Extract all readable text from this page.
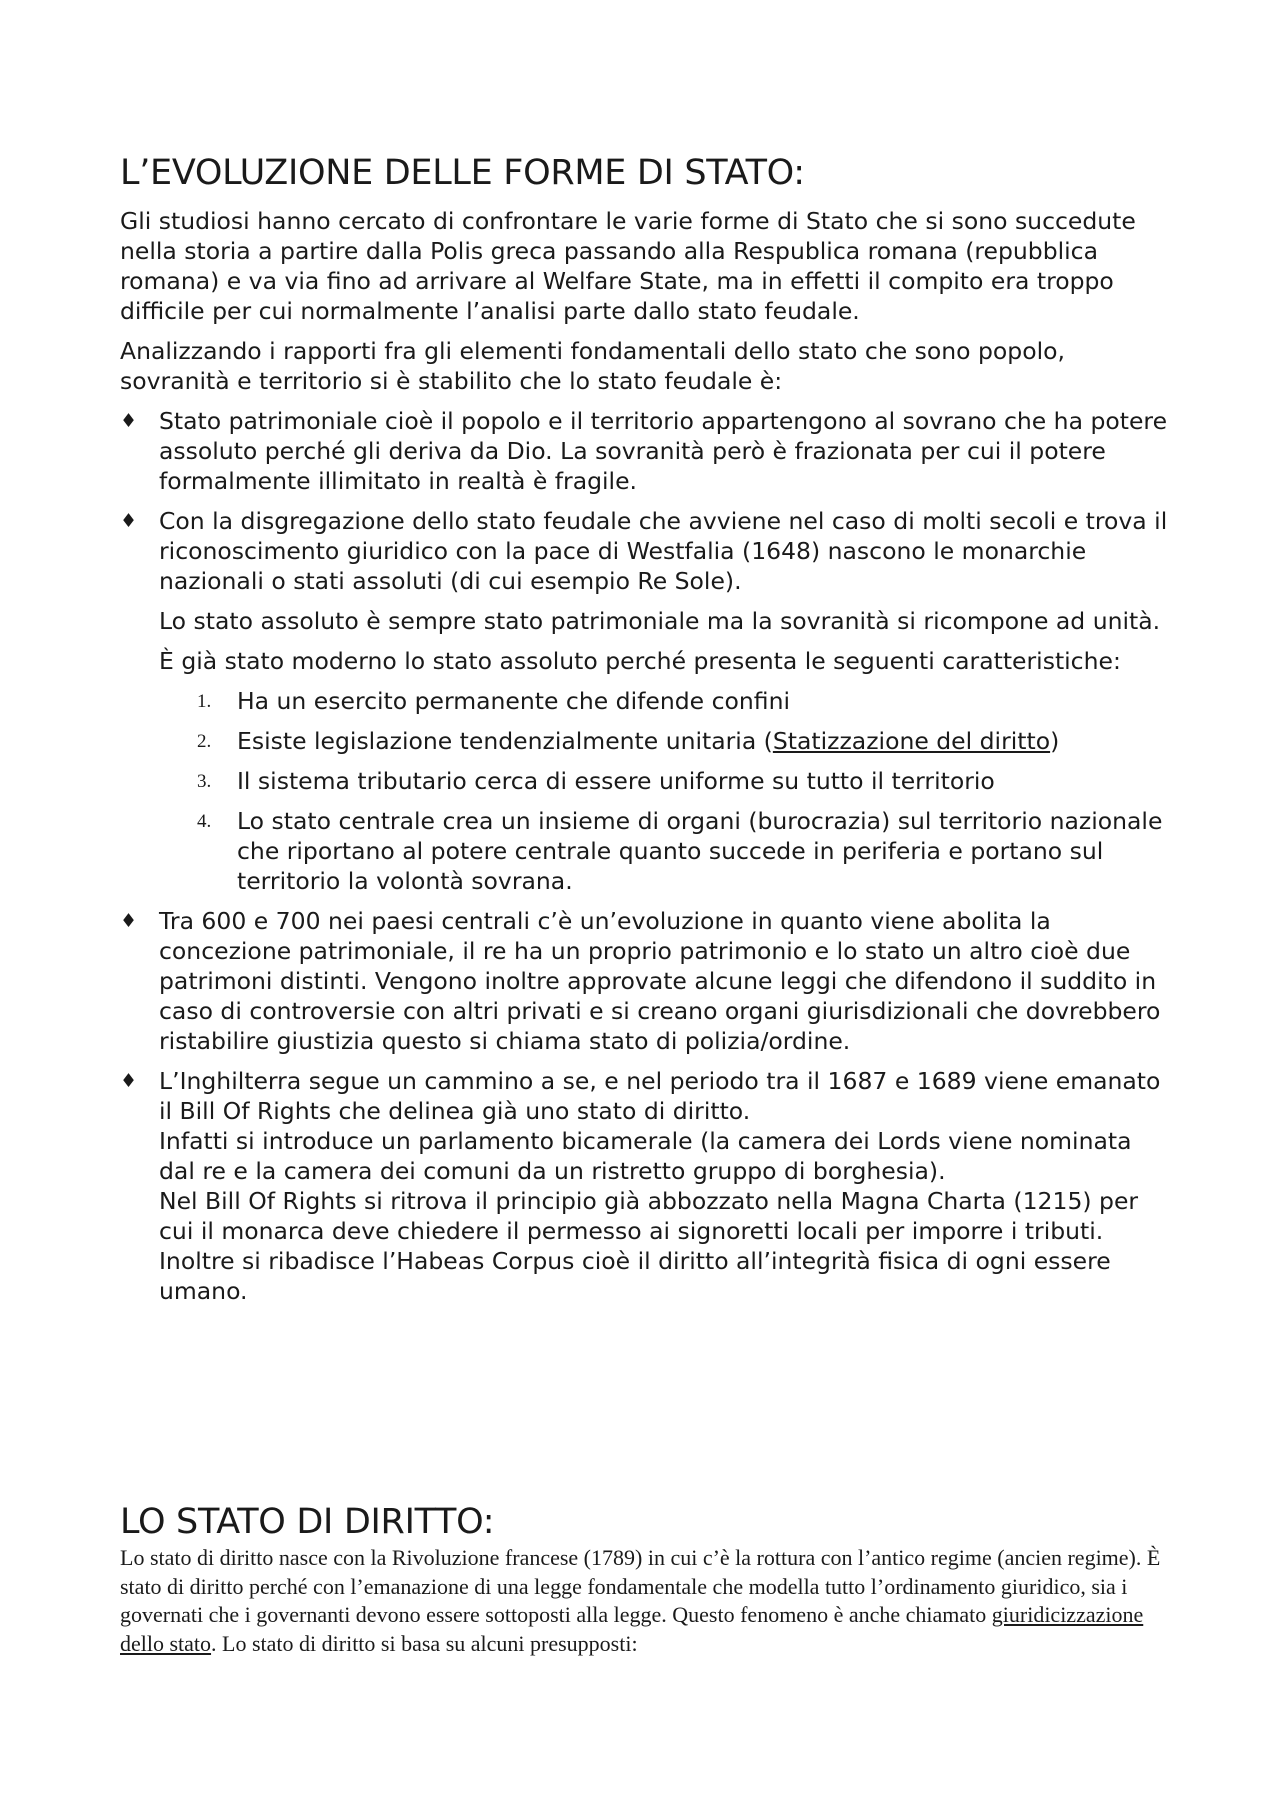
L’EVOLUZIONE DELLE FORME DI STATO:

Gli studiosi hanno cercato di confrontare le varie forme di Stato che si sono succedute nella storia a partire dalla Polis greca passando alla Respublica romana (repubblica romana) e va via fino ad arrivare al Welfare State, ma in effetti il compito era troppo difficile per cui normalmente l’analisi parte dallo stato feudale.

Analizzando i rapporti fra gli elementi fondamentali dello stato che sono popolo, sovranità e territorio si è stabilito che lo stato feudale è:

♦ Stato patrimoniale cioè il popolo e il territorio appartengono al sovrano che ha potere assoluto perché gli deriva da Dio. La sovranità però è frazionata per cui il potere formalmente illimitato in realtà è fragile.
♦ Con la disgregazione dello stato feudale che avviene nel caso di molti secoli e trova il riconoscimento giuridico con la pace di Westfalia (1648) nascono le monarchie nazionali o stati assoluti (di cui esempio Re Sole).
Lo stato assoluto è sempre stato patrimoniale ma la sovranità si ricompone ad unità.
È già stato moderno lo stato assoluto perché presenta le seguenti caratteristiche:
1. Ha un esercito permanente che difende confini
2. Esiste legislazione tendenzialmente unitaria (Statizzazione del diritto)
3. Il sistema tributario cerca di essere uniforme su tutto il territorio
4. Lo stato centrale crea un insieme di organi (burocrazia) sul territorio nazionale che riportano al potere centrale quanto succede in periferia e portano sul territorio la volontà sovrana.
♦ Tra 600 e 700 nei paesi centrali c’è un’evoluzione in quanto viene abolita la concezione patrimoniale, il re ha un proprio patrimonio e lo stato un altro cioè due patrimoni distinti. Vengono inoltre approvate alcune leggi che difendono il suddito in caso di controversie con altri privati e si creano organi giurisdizionali che dovrebbero ristabilire giustizia questo si chiama stato di polizia/ordine.
♦ L’Inghilterra segue un cammino a se, e nel periodo tra il 1687 e 1689 viene emanato il Bill Of Rights che delinea già uno stato di diritto.
Infatti si introduce un parlamento bicamerale (la camera dei Lords viene nominata dal re e la camera dei comuni da un ristretto gruppo di borghesia).
Nel Bill Of Rights si ritrova il principio già abbozzato nella Magna Charta (1215) per cui il monarca deve chiedere il permesso ai signoretti locali per imporre i tributi.
Inoltre si ribadisce l’Habeas Corpus cioè il diritto all’integrità fisica di ogni essere umano.
LO STATO DI DIRITTO:
Lo stato di diritto nasce con la Rivoluzione francese (1789) in cui c’è la rottura con l’antico regime (ancien regime). È stato di diritto perché con l’emanazione di una legge fondamentale che modella tutto l’ordinamento giuridico, sia i governati che i governanti devono essere sottoposti alla legge. Questo fenomeno è anche chiamato giuridicizzazione dello stato. Lo stato di diritto si basa su alcuni presupposti:
